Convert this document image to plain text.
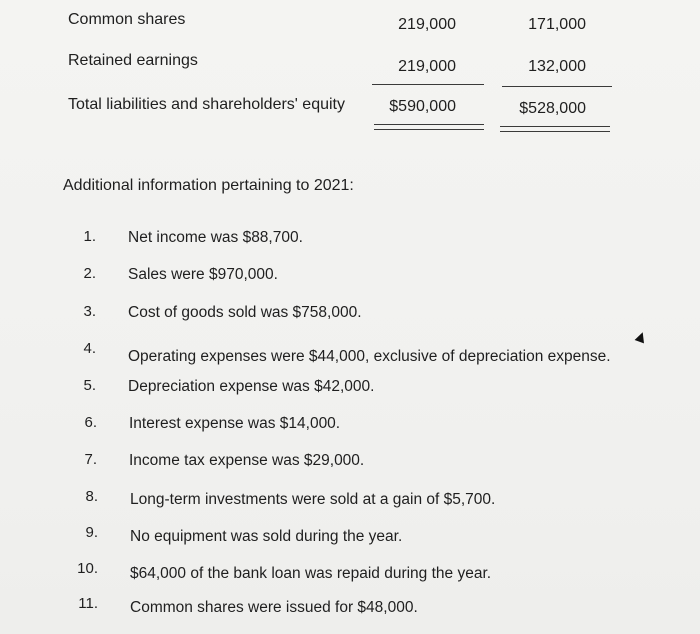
Common shares	219,000	171,000
Retained earnings	219,000	132,000
Total liabilities and shareholders' equity	$590,000	$528,000
Additional information pertaining to 2021:
1. Net income was $88,700.
2. Sales were $970,000.
3. Cost of goods sold was $758,000.
4. Operating expenses were $44,000, exclusive of depreciation expense.
5. Depreciation expense was $42,000.
6. Interest expense was $14,000.
7. Income tax expense was $29,000.
8. Long-term investments were sold at a gain of $5,700.
9. No equipment was sold during the year.
10. $64,000 of the bank loan was repaid during the year.
11. Common shares were issued for $48,000.
